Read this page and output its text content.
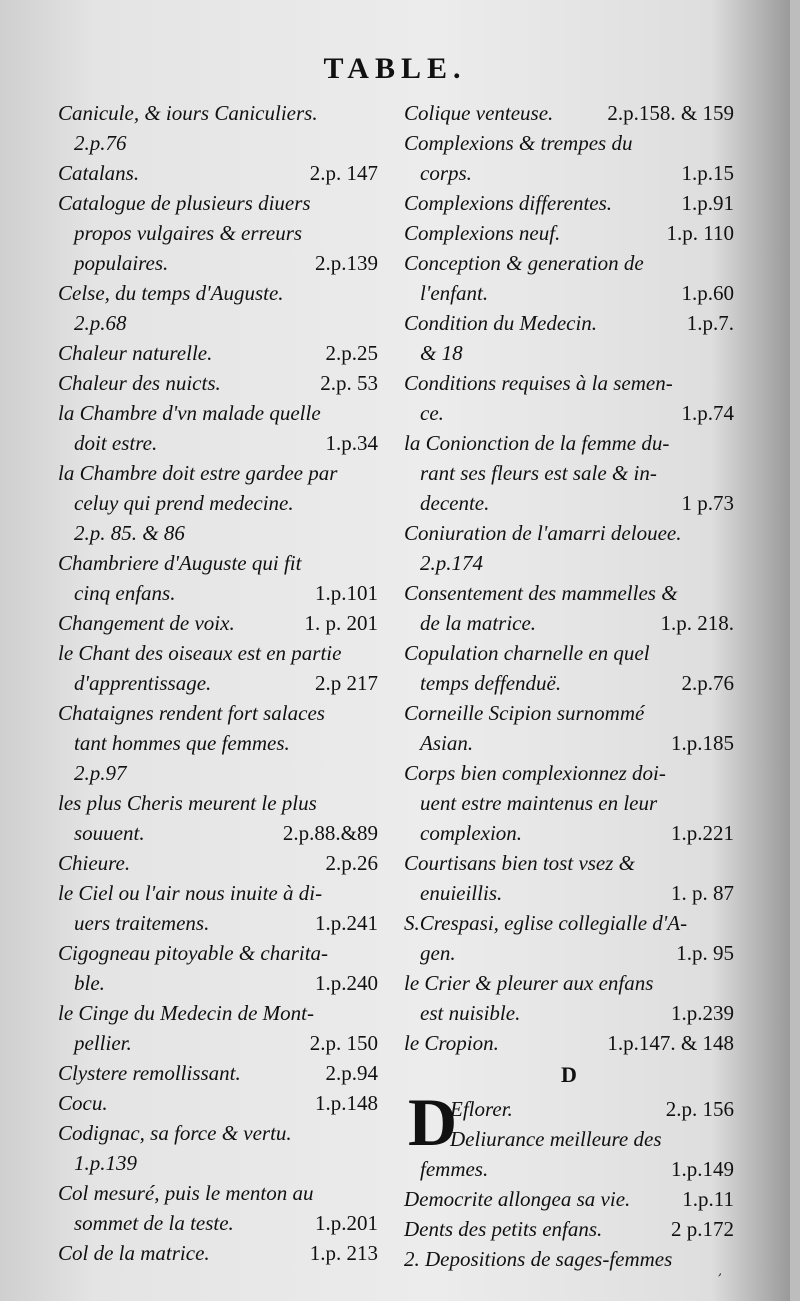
TABLE.
Canicule, & iours Caniculiers.
2.p.76
Catalans.	2.p. 147
Catalogue de plusieurs diuers
propos vulgaires & erreurs
populaires.	2.p.139
Celse, du temps d'Auguste.
2.p.68
Chaleur naturelle.	2.p.25
Chaleur des nuicts.	2.p. 53
la Chambre d'vn malade quelle
doit estre.	1.p.34
la Chambre doit estre gardee par
celuy qui prend medecine.
2.p. 85. & 86
Chambriere d'Auguste qui fit
cinq enfans.	1.p.101
Changement de voix.	1. p. 201
le Chant des oiseaux est en partie
d'apprentissage.	2.p 217
Chataignes rendent fort salaces
tant hommes que femmes.
2.p.97
les plus Cheris meurent le plus
souuent.	2.p.88.&89
Chieure.	2.p.26
le Ciel ou l'air nous inuite à di-
uers traitemens.	1.p.241
Cigogneau pitoyable & charita-
ble.	1.p.240
le Cinge du Medecin de Mont-
pellier.	2.p. 150
Clystere remollissant.	2.p.94
Cocu.	1.p.148
Codignac, sa force & vertu.
1.p.139
Col mesuré, puis le menton au
sommet de la teste.	1.p.201
Col de la matrice.	1.p. 213
Colique venteuse.	2.p.158. & 159
Complexions & trempes du
corps.	1.p.15
Complexions differentes.	1.p.91
Complexions neuf.	1.p. 110
Conception & generation de
l'enfant.	1.p.60
Condition du Medecin.	1.p.7.
& 18
Conditions requises à la semen-
ce.	1.p.74
la Conionction de la femme du-
rant ses fleurs est sale & in-
decente.	1 p.73
Coniuration de l'amarri delouee.
2.p.174
Consentement des mammelles &
de la matrice.	1.p. 218.
Copulation charnelle en quel
temps deffenduë.	2.p.76
Corneille Scipion surnommé
Asian.	1.p.185
Corps bien complexionnez doi-
uent estre maintenus en leur
complexion.	1.p.221
Courtisans bien tost vsez &
enuieillis.	1. p. 87
S.Crespasi, eglise collegialle d'A-
gen.	1.p. 95
le Crier & pleurer aux enfans
est nuisible.	1.p.239
le Cropion.	1.p.147. & 148
D
D
Eflorer.	2.p. 156
Deliurance meilleure des
femmes.	1.p.149
Democrite allongea sa vie. 1.p.11
Dents des petits enfans.	2 p.172
2. Depositions de sages-femmes	,
